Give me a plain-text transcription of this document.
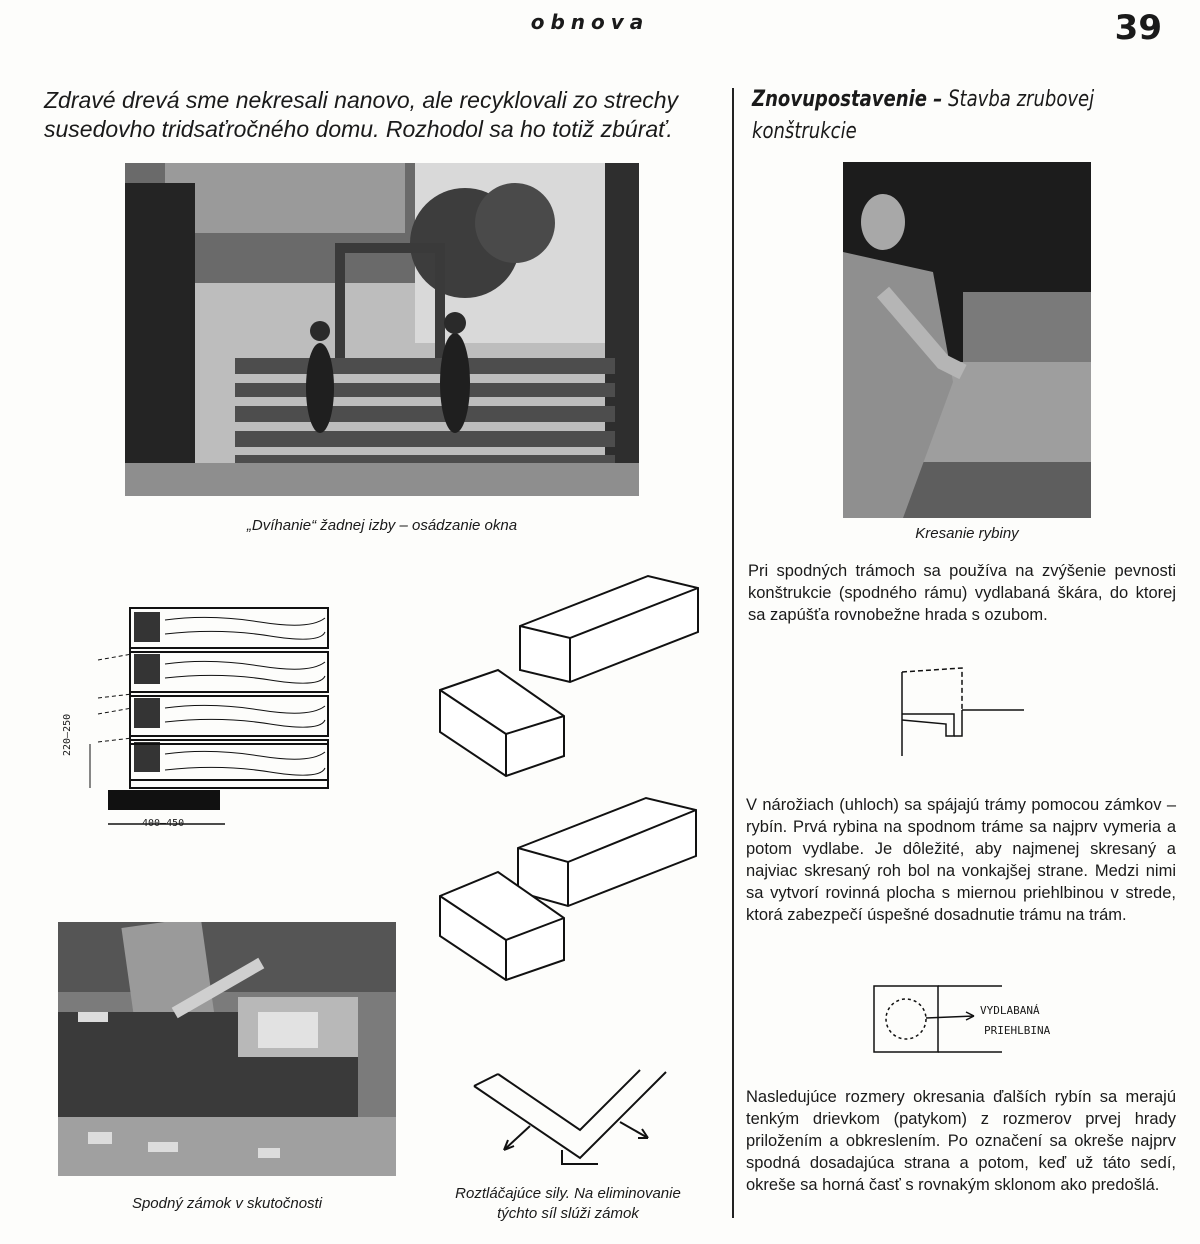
obnova	39
Zdravé drevá sme nekresali nanovo, ale recyklovali zo strechy susedovho tridsaťročného domu. Rozhodol sa ho totiž zbúrať.
„Dvíhanie“ žadnej izby – osádzanie okna
220–250
400–450
Spodný zámok v skutočnosti
Roztláčajúce sily. Na eliminovanie týchto síl slúži zámok
Znovupostavenie – Stavba zrubovej konštrukcie
Kresanie rybiny
Pri spodných trámoch sa používa na zvýšenie pevnosti konštrukcie (spodného rámu) vydlabaná škára, do ktorej sa zapúšťa rovnobežne hrada s ozubom.
V nárožiach (uhloch) sa spájajú trámy pomocou zámkov – rybín. Prvá rybina na spodnom tráme sa najprv vymeria a potom vydlabe. Je dôležité, aby najmenej skresaný a najviac skresaný roh bol na vonkajšej strane. Medzi nimi sa vytvorí rovinná plocha s miernou priehlbinou v strede, ktorá zabezpečí úspešné dosadnutie trámu na trám.
VYDLABANÁ
PRIEHLBINA
Nasledujúce rozmery okresania ďalších rybín sa merajú tenkým drievkom (patykom) z rozmerov prvej hrady priložením a obkreslením. Po označení sa okreše najprv spodná dosadajúca strana a potom, keď už táto sedí, okreše sa horná časť s rovnakým sklonom ako predošlá.
